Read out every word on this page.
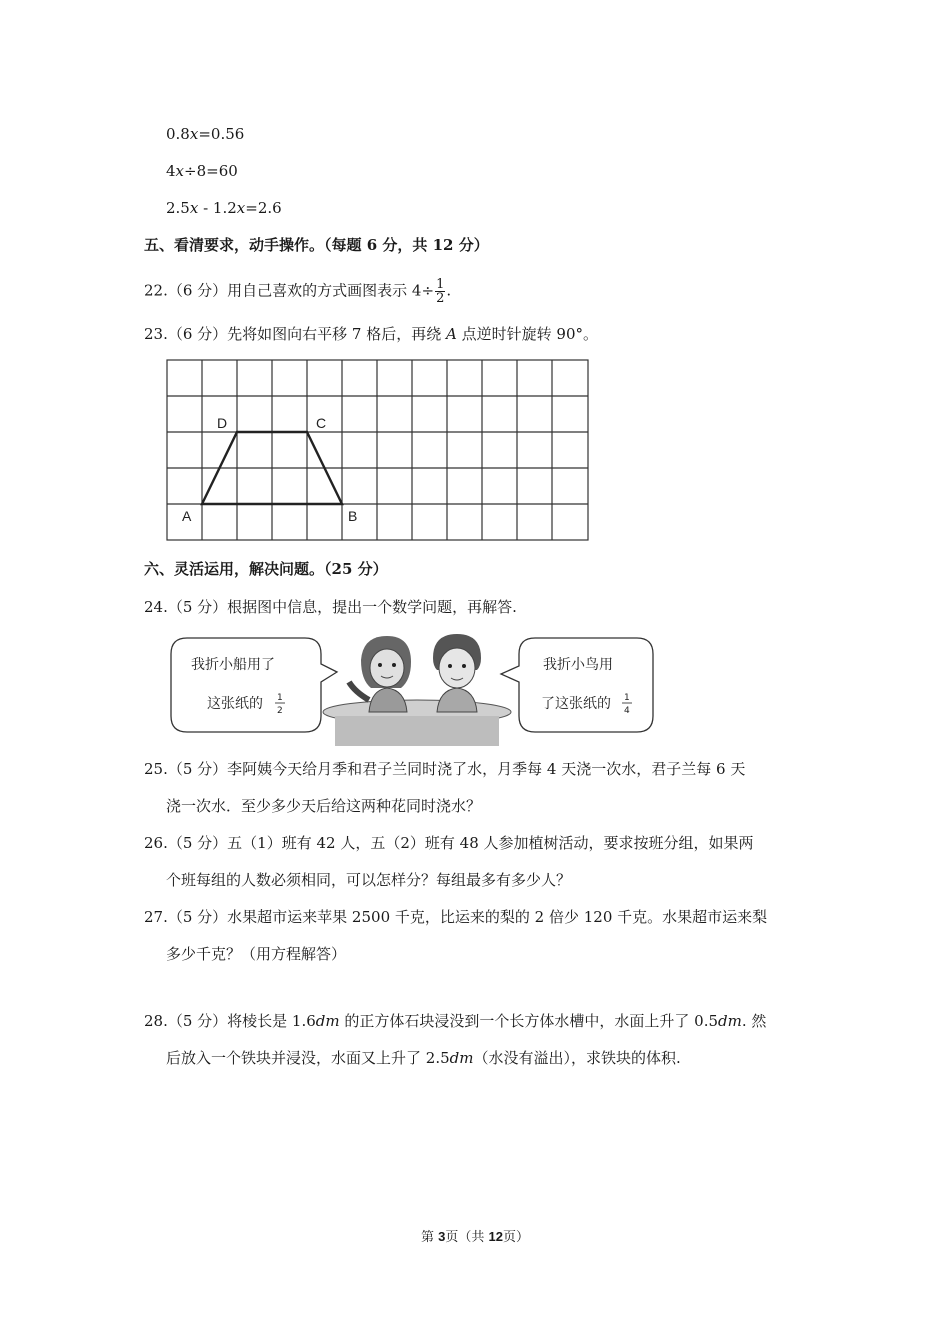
0.8x=0.56
4x÷8=60
2.5x - 1.2x=2.6
五、看清要求，动手操作。（每题 6 分，共 12 分）
22.（6 分）用自己喜欢的方式画图表示 $4\div \frac{1}{2}$ .
23.（6 分）先将如图向右平移 7 格后，再绕 A 点逆时针旋转 90°。
A	B
C
D
六、灵活运用，解决问题。（25 分）
24.（5 分）根据图中信息，提出一个数学问题，再解答.
我折小船用了
这张纸的 1
2
我折小鸟用
了这张纸的 1
4
25.（5 分）李阿姨今天给月季和君子兰同时浇了水，月季每 4 天浇一次水，君子兰每 6 天
浇一次水．至少多少天后给这两种花同时浇水？
26.（5 分）五（1）班有 42 人，五（2）班有 48 人参加植树活动，要求按班分组，如果两
个班每组的人数必须相同，可以怎样分？每组最多有多少人？
27.（5 分）水果超市运来苹果 2500 千克，比运来的梨的 2 倍少 120 千克。水果超市运来梨
多少千克？（用方程解答）
28.（5 分）将棱长是 1.6dm 的正方体石块浸没到一个长方体水槽中，水面上升了 0.5dm. 然
后放入一个铁块并浸没，水面又上升了 2.5dm（水没有溢出），求铁块的体积.
第 3页（共 12页）
